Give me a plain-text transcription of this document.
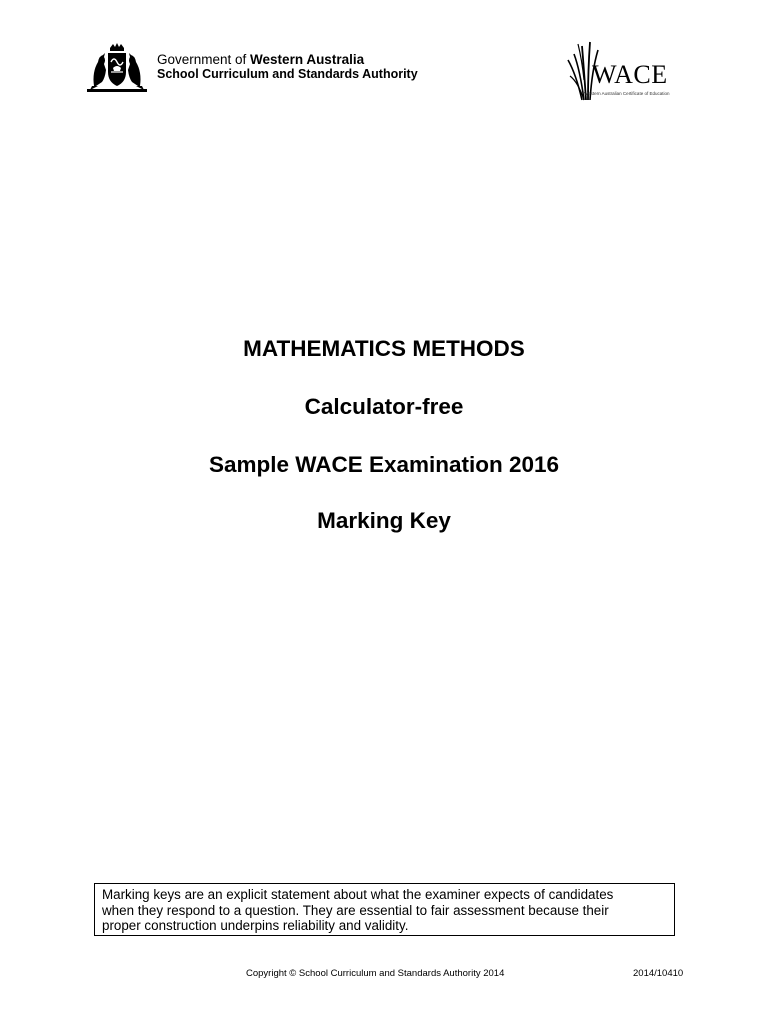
Government of Western Australia
School Curriculum and Standards Authority	WACE
Western Australian Certificate of Education
MATHEMATICS METHODS
Calculator-free
Sample WACE Examination 2016
Marking Key
Marking keys are an explicit statement about what the examiner expects of candidates
when they respond to a question. They are essential to fair assessment because their
proper construction underpins reliability and validity.
Copyright © School Curriculum and Standards Authority 2014	2014/10410
